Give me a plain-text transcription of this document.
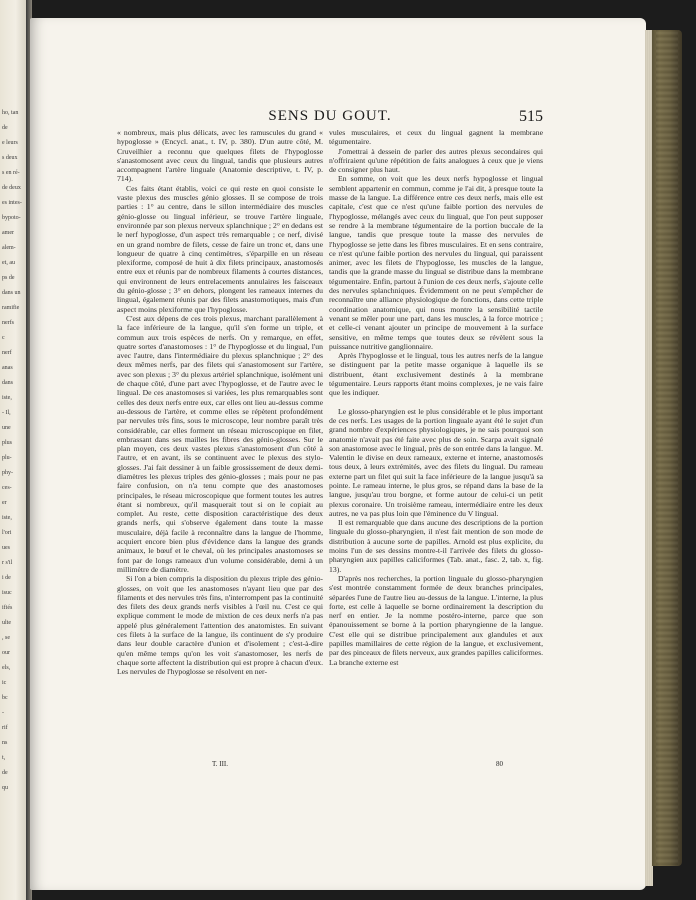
ho, tan
de
e leurs
s deux
s en ré-
de deux
es intes-
bypoto-
amer
alem-
et, au
ps de
dans un
ramifie
nerfs
c
nerf
anas
dans
iste,
- Il,
une
plus
plu-
phy-
ces-
er
iste,
l'ori
ues
r s'il
i de
isuc
ifiés
ulte
, se
our
els,
ic
bc
-
rif
ns
t,
de
qu
SENS DU GOUT.	515

« nombreux, mais plus délicats, avec les ramuscules du grand « hypoglosse » (Encycl. anat., t. IV, p. 380). D'un autre côté, M. Cruveilhier a reconnu que quelques filets de l'hypoglosse s'anastomosent avec ceux du lingual, tandis que plusieurs autres accompagnent l'artère linguale (Anatomie descriptive, t. IV, p. 714).

Ces faits étant établis, voici ce qui reste en quoi consiste le vaste plexus des muscles génio glosses. Il se compose de trois parties : 1° au centre, dans le sillon intermédiaire des muscles génio-glosse ou lingual inférieur, se trouve l'artère linguale, environnée par son plexus nerveux splanchnique ; 2° en dedans est le nerf hypoglosse, d'un aspect très remarquable ; ce nerf, divisé en un grand nombre de filets, cesse de faire un tronc et, dans une longueur de quatre à cinq centimètres, s'éparpille en un réseau plexiforme, composé de huit à dix filets principaux, anastomosés entre eux et réunis par de nombreux filaments à courtes distances, qui environnent de leurs entrelacements annulaires les faisceaux du génio-glosse ; 3° en dehors, plongent les rameaux internes du lingual, également réunis par des filets anastomotiques, mais d'un aspect moins plexiforme que l'hypoglosse.

C'est aux dépens de ces trois plexus, marchant parallèlement à la face inférieure de la langue, qu'il s'en forme un triple, et commun aux trois espèces de nerfs. On y remarque, en effet, quatre sortes d'anastomoses : 1° de l'hypoglosse et du lingual, l'un avec l'autre, dans l'intermédiaire du plexus splanchnique ; 2° des deux mêmes nerfs, par des filets qui s'anastomosent sur l'artère, avec son plexus ; 3° du plexus artériel splanchnique, isolément uni de chaque côté, d'une part avec l'hypoglosse, et de l'autre avec le lingual. De ces anastomoses si variées, les plus remarquables sont celles des deux nerfs entre eux, car elles ont lieu au-dessus comme au-dessous de l'artère, et comme elles se répètent profondément par nervules très fins, sous le microscope, leur nombre paraît très considérable, car elles forment un réseau microscopique en filet, embrassant dans ses mailles les fibres des génio-glosses. Sur le plan moyen, ces deux vastes plexus s'anastomosent d'un côté à l'autre, et en avant, ils se continuent avec le plexus des stylo-glosses. J'ai fait dessiner à un faible grossissement de deux demi-diamètres les plexus triples des génio-glosses ; mais pour ne pas faire confusion, on n'a tenu compte que des anastomoses principales, le réseau microscopique que forment toutes les autres étant si nombreux, qu'il masquerait tout si on le copiait au complet. Au reste, cette disposition caractéristique des deux grands nerfs, qui s'observe également dans toute la masse musculaire, déjà facile à reconnaître dans la langue de l'homme, acquiert encore bien plus d'évidence dans la langue des grands animaux, le bœuf et le cheval, où les principales anastomoses se font par de longs rameaux d'un volume considérable, demi à un millimètre de diamètre.

Si l'on a bien compris la disposition du plexus triple des génio-glosses, on voit que les anastomoses n'ayant lieu que par des filaments et des nervules très fins, n'interrompent pas la continuité des filets des deux grands nerfs visibles à l'œil nu. C'est ce qui explique comment le mode de mixtion de ces deux nerfs n'a pas appelé plus généralement l'attention des anatomistes. En suivant ces filets à la surface de la langue, ils continuent de s'y produire dans leur double caractère d'union et d'isolement ; c'est-à-dire qu'en même temps qu'on les voit s'anastomoser, les nerfs de chaque sorte affectent la distribution qui est propre à chacun d'eux. Les nervules de l'hypoglosse se résolvent en ner-

vules musculaires, et ceux du lingual gagnent la membrane tégumentaire.

J'omettrai à dessein de parler des autres plexus secondaires qui n'offriraient qu'une répétition de faits analogues à ceux que je viens de consigner plus haut.

En somme, on voit que les deux nerfs hypoglosse et lingual semblent appartenir en commun, comme je l'ai dit, à presque toute la masse de la langue. La différence entre ces deux nerfs, mais elle est capitale, c'est que ce n'est qu'une faible portion des nervules de l'hypoglosse, mélangés avec ceux du lingual, que l'on peut supposer se rendre à la membrane tégumentaire de la portion buccale de la langue, tandis que presque toute la masse des nervules de l'hypoglosse se jette dans les fibres musculaires. Et en sens contraire, ce n'est qu'une faible portion des nervules du lingual, qui paraissent animer, avec les filets de l'hypoglosse, les muscles de la langue, tandis que la grande masse du lingual se distribue dans la membrane tégumentaire. Enfin, partout à l'union de ces deux nerfs, s'ajoute celle des nervules splanchniques. Évidemment on ne peut s'empêcher de reconnaître une alliance physiologique de fonctions, dans cette triple coordination anatomique, qui nous montre la sensibilité tactile venant se mêler pour une part, dans les muscles, à la force motrice ; et celle-ci venant ajouter un principe de mouvement à la surface sensitive, en même temps que toutes deux se révèlent sous la puissance nutritive ganglionnaire.

Après l'hypoglosse et le lingual, tous les autres nerfs de la langue se distinguent par la petite masse organique à laquelle ils se distribuent, étant exclusivement destinés à la membrane tégumentaire. Leurs rapports étant moins complexes, je ne vais faire que les indiquer.

Le glosso-pharyngien est le plus considérable et le plus important de ces nerfs. Les usages de la portion linguale ayant été le sujet d'un grand nombre d'expériences physiologiques, je ne sais pourquoi son anatomie n'avait pas été faite avec plus de soin. Scarpa avait signalé son anastomose avec le lingual, près de son entrée dans la langue. M. Valentin le divise en deux rameaux, externe et interne, anastomosés tous deux, à leurs extrémités, avec des filets du lingual. Du rameau externe part un filet qui suit la face inférieure de la langue jusqu'à sa pointe. Le rameau interne, le plus gros, se répand dans la base de la langue, jusqu'au trou borgne, et forme autour de celui-ci un petit plexus coronaire. Un troisième rameau, intermédiaire entre les deux autres, ne va pas plus loin que l'éminence du V lingual.

Il est remarquable que dans aucune des descriptions de la portion linguale du glosso-pharyngien, il n'est fait mention de son mode de distribution à aucune sorte de papilles. Arnold est plus explicite, du moins l'un de ses dessins montre-t-il l'arrivée des filets du glosso-pharyngien aux papilles caliciformes (Tab. anat., fasc. 2, tab. x, fig. 13).

D'après nos recherches, la portion linguale du glosso-pharyngien s'est montrée constamment formée de deux branches principales, séparées l'une de l'autre lieu au-dessus de la langue. L'interne, la plus forte, est celle à laquelle se borne ordinairement la description du nerf en entier. Je la nomme postéro-interne, parce que son épanouissement se borne à la portion pharyngienne de la langue. C'est elle qui se distribue principalement aux glandules et aux papilles mamillaires de cette région de la langue, et exclusivement, par des pinceaux de filets nerveux, aux grandes papilles caliciformes. La branche externe est

T. III.	80
